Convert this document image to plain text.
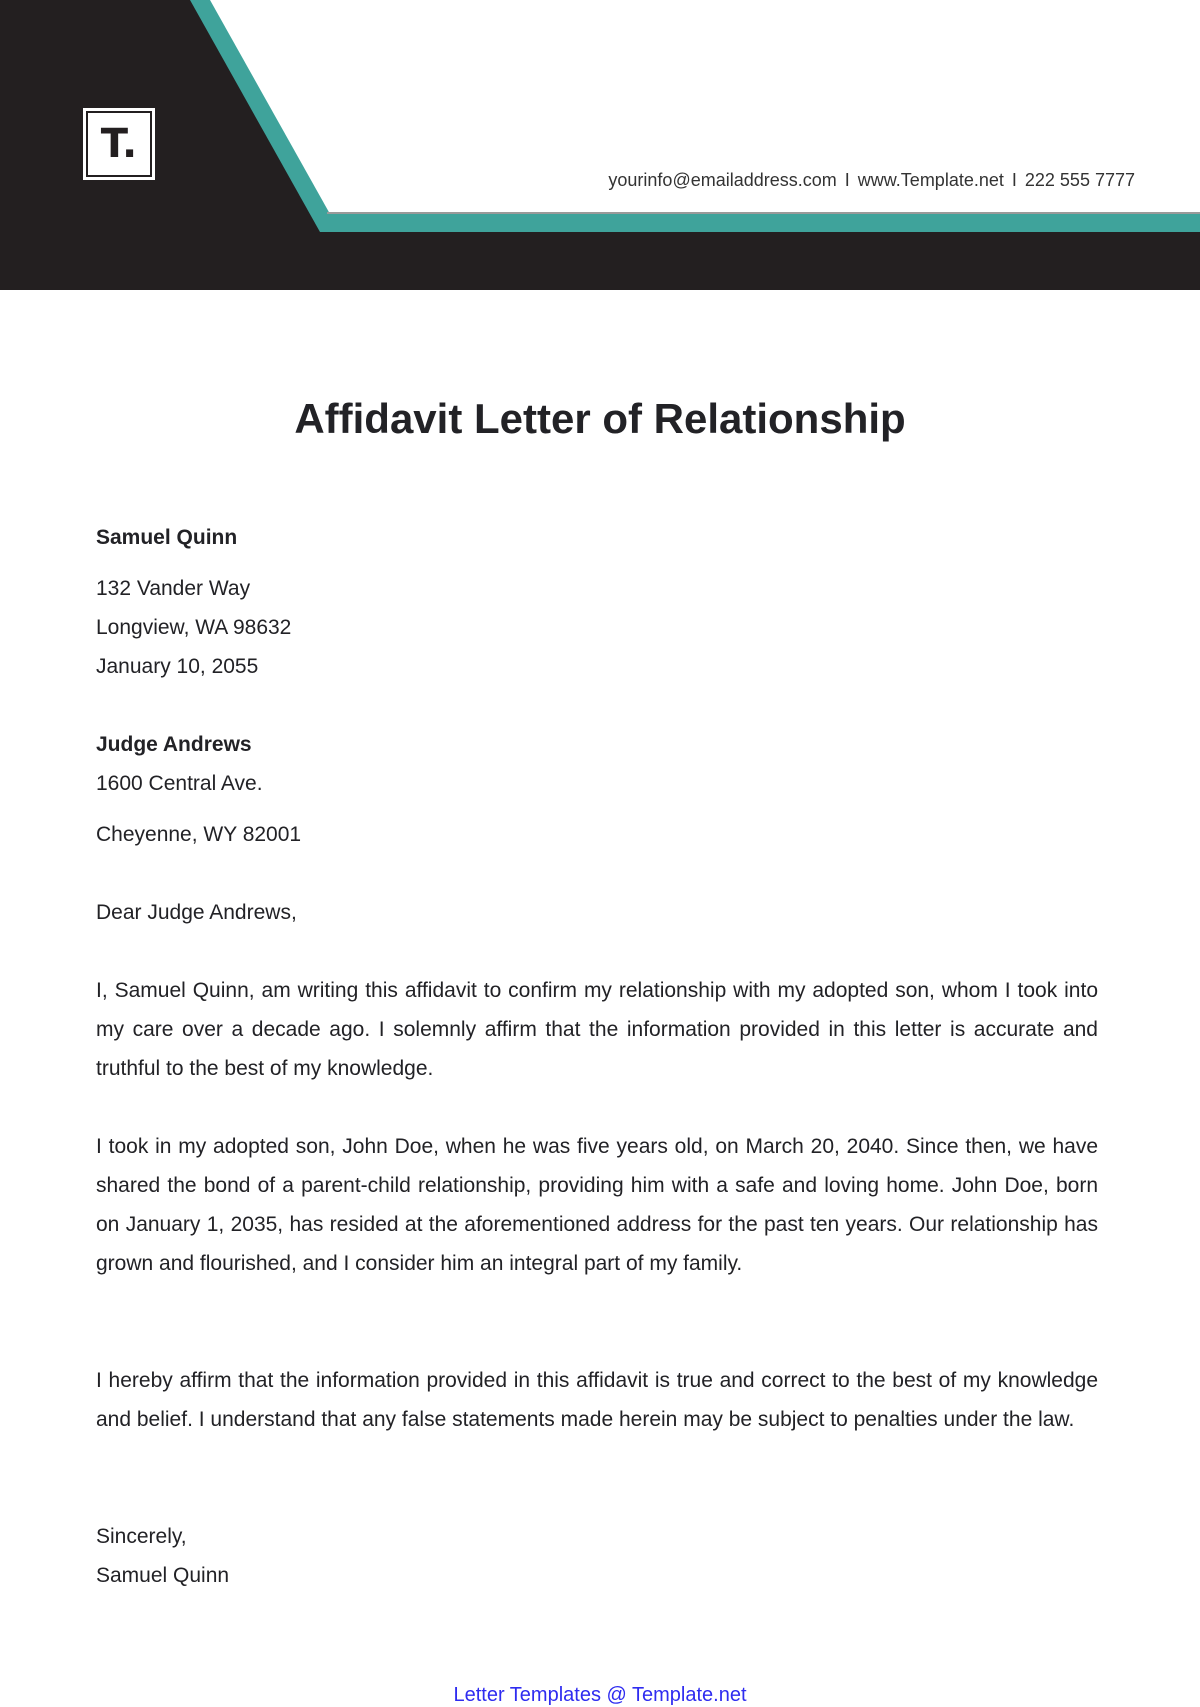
T.
yourinfo@emailaddress.com I www.Template.net I 222 555 7777
Affidavit Letter of Relationship
Samuel Quinn
132 Vander Way
Longview, WA 98632
January 10, 2055
Judge Andrews
1600 Central Ave.
Cheyenne, WY 82001
Dear Judge Andrews,

I, Samuel Quinn, am writing this affidavit to confirm my relationship with my adopted son, whom I took into my care over a decade ago. I solemnly affirm that the information provided in this letter is accurate and truthful to the best of my knowledge.

I took in my adopted son, John Doe, when he was five years old, on March 20, 2040. Since then, we have shared the bond of a parent-child relationship, providing him with a safe and loving home. John Doe, born on January 1, 2035, has resided at the aforementioned address for the past ten years. Our relationship has grown and flourished, and I consider him an integral part of my family.

I hereby affirm that the information provided in this affidavit is true and correct to the best of my knowledge and belief. I understand that any false statements made herein may be subject to penalties under the law.

Sincerely,
Samuel Quinn
Letter Templates @ Template.net
